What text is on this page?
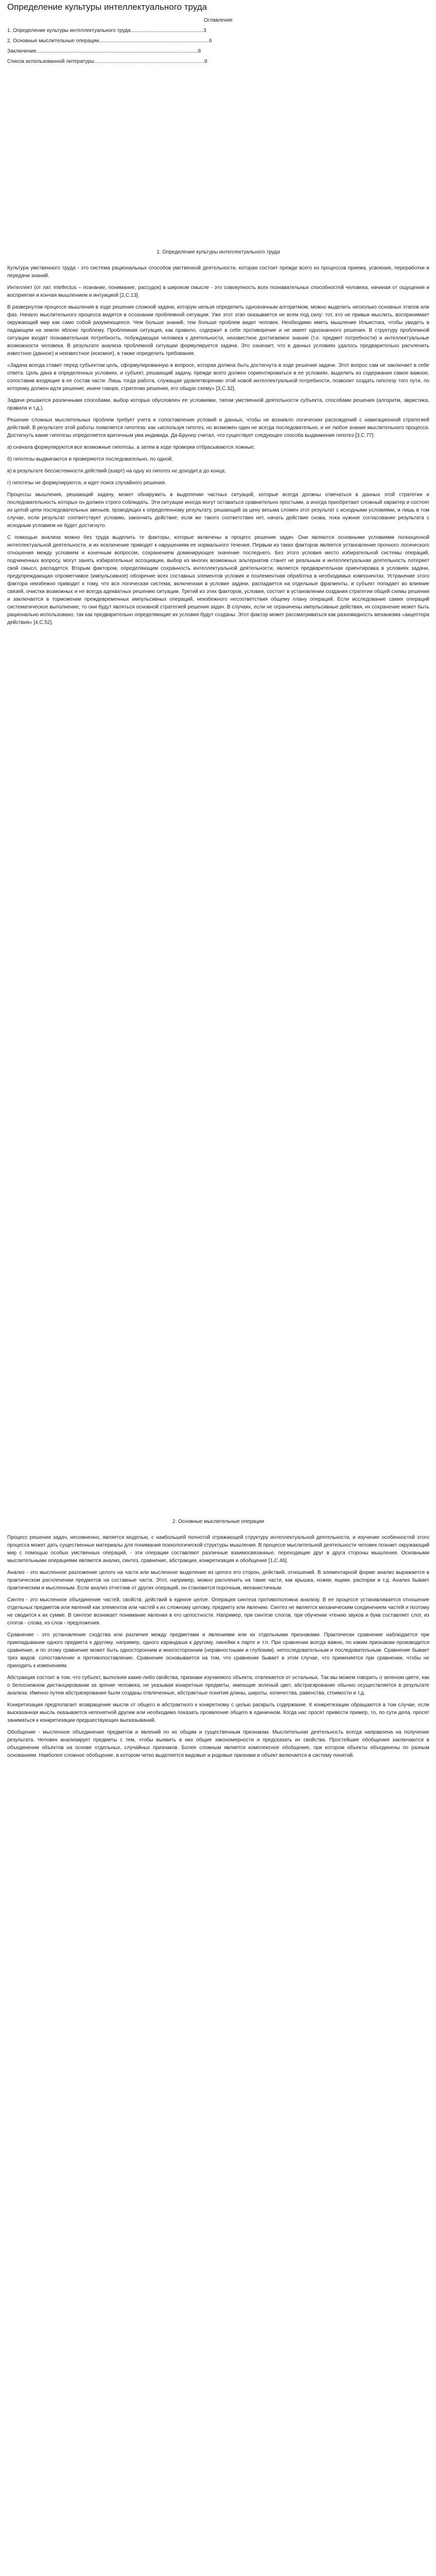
Определение культуры интеллектуального труда
Оглавление
1. Определение культуры интеллектуального труда...................................................3
2. Основные мыслительные операции.............................................................................6
Заключение.................................................................................................................8
Список использованной литературы.............................................................................9
1. Определение культуры интеллектуального труда

Культура умственного труда - это система рациональных способов умственной деятельности, которая состоит прежде всего из процессов приема, усвоения, переработки и передачи знаний.

Интеллект (от лат. intellectus – познание, понимание, рассудок) в широком смысле - это совокупность всех познавательных способностей человека, начиная от ощущения и восприятия и кончая мышлением и интуицией [2,С.13].

В развернутом процессе мышления в ходе решения сложной задачи, которую нельзя определить однозначным алгоритмом, можно выделить несколько основных этапов или фаз. Начало мыслительного процесса видится в осознании проблемной ситуации. Уже этот этап оказывается не всем под силу: тот, кто не привык мыслить, воспринимает окружающий мир как само собой разумеющееся. Чем больше знаний, тем больше проблем видит человек. Необходимо иметь мышление Ильистока, чтобы увидеть в падающем на землю яблоке проблему. Проблемная ситуация, как правило, содержит в себе противоречие и не имеет однозначного решения. В структуру проблемной ситуации входят познавательная потребность, побуждающая человека к деятельности, неизвестное достигаемое знание (т.е. предмет потребности) и интеллектуальные возможности человека. В результате анализа проблемной ситуации формулируется задача. Это означает, что в данных условиях удалось предварительно расчленить известное (данное) и неизвестное (искомое), а также определить требования.

«Задача всегда ставит перед субъектом цель, сформулированную в вопросе, которая должна быть достигнута в ходе решения задачи. Этот вопрос сам не заключает в себе ответа. Цель дана в определенных условиях, и субъект, решающий задачу, прежде всего должен сориентироваться в ее условиях, выделить из содержания самое важное, сопоставив входящие в ее состав части. Лишь тогда работа, служащая удовлетворению этой новой интеллектуальной потребности, позволит создать гипотезу того пути, по которому должен идти решение, иначе говоря, стратегию решения, его общую схему» [3,С.32].

Задачи решаются различными способами, выбор которых обусловлен ее условиями, типом умственной деятельности субъекта, способами решения (алгоритм, эвристика, правила и т.д.).

Решение сложных мыслительных проблем требует учета и сопоставления условий и данных, чтобы не возникло логических расхождений с навигационной стратегией действий. В результате этой работы появляется гипотеза: как «используя гипотез, но возможен один не всегда последовательно, и не любое знание мыслительного процесса. Достигнуть какие гипотезы определяется критичным ума индивида. Да-Брунер считал, что существует следующее способа выдвижения гипотез [3,С.77]:

а) сначала формулируются все возможные гипотезы, а затем в ходе проверки отбрасываются ложные;

б) гипотезы выдвигаются и проверяются последовательно, по одной;

в) в результате бессистемности действий (азарт) на одну из гипотез не доходит,а до конца;

г) гипотезы не формулируются, и идет поиск случайного решения.

Процессы мышления, решающий задачу, может обнаружить в выделении частных ситуаций, которые всегда должны отвечаться в данных этой стратегии и последовательность которых он должен строго соблюдать. Эти ситуации иногда могут оставаться сравнительно простыми, а иногда приобретают сложный характер и состоят из целой цепи последовательных звеньев, проводящих к определенному результату, решающий за цену весьма сложен этот результат с исходными условиями, и лишь в том случае, если результат соответствует условию, закончить действие; если же такого соответствия нет, начать действие снова, пока нужное согласование результата с исходным условием не будет достигнуто.

С помощью анализа можно без труда выделить те факторы, которые включены в процесс решения задач. Они являются основными условиями полноценной интеллектуальной деятельности, и их исключение приводит к нарушениям ее нормального течения. Первым из таких факторов является установление прочного логического отношения между условием и конечным вопросом, сохранением доминирующее значение последнего. Без этого условия место избирательной системы операций, подчиненных вопросу, могут занять избирательные ассоциации, выбор из многих возможных альтернатив станет не реальным и интеллектуальная деятельность потеряет свой смысл, распадется. Вторым фактором, определяющим сохранность интеллектуальной деятельности, является предварительная ориентировка в условиях задачи, предупреждающая опрометчивое (импульсивное) обозрение всех составных элементов условия и поэлементная обработка в необходимых компонентах. Устранение этого фактора неизбежно приводит к тому, что вся логическая система, включенная в условие задачи, распадается на отдельные фрагменты, и субъект попадает во влияние связей, очистки возможных и не всегда адекватных решению ситуации. Третий из этих факторов, условия, состоит в установлении создания стратегии общей схемы решения и заключается в торможении преждевременных импульсивных операций, неизбежного несоответствия общему плану операций. Если исследование самих операций систематическое выполнение, то они будут являться основной стратегией решения задач. В случаях, если не ограничены импульсивные действия, их сохранение может быть рационально использовано, так как предварительно определяющие их условия будут созданы. Этот фактор может рассматриваться как разновидность механизма «акцептора действия» [4,С.52].

2. Основные мыслительные операции

Процесс решения задач, несомненно, является моделью, с наибольшей полнотой отражающей структуру интеллектуальной деятельности, и изучение особенностей этого процесса может дать существенные материалы для понимания психологической структуры мышления. В процессе мыслительной деятельности человек познает окружающий мир с помощью особых умственных операций, - эти операции составляют различные взаимосвязанные, переходящие друг в друга стороны мышления. Основными мыслительными операциями являются анализ, синтез, сравнение, абстракция, конкретизация и обобщение [1,С.46].

Анализ - это мысленное разложение целого на части или мысленное выделение из целого его сторон, действий, отношений. В элементарной форме анализ выражается в практическом расчленении предметов на составные части. Этот, например, можно расчленить на такие части, как крышка, ножки, ящики, распорки и т.д. Анализ бывает практическим и мысленным. Если анализ отчетлив от других операций, он становится порочным, механистичным.

Синтез - это мысленное объединение частей, свойств, действий в единое целое. Операция синтеза противоположна анализу. В ее процессе устанавливается отношение отдельных предметов или явлений как элементов или частей к их сложному целому, предмету или явлению. Синтез не является механическим соединением частей и поэтому не сводится к их сумме. В синтезе возникает понимание явления в его целостности. Например, при синтезе слогов, при обучении чтению звуков и букв составляет слог, из слогов - слова, из слов - предложения.

Сравнение - это установление сходства или различия между предметами и явлениями или их отдельными признаками. Практически сравнение наблюдается при прикладывании одного предмета к другому, например, одного карандаша к другому, линейки к парте и т.п. При сравнении всегда важно, по каким признакам производится сравнение, и по этому сравнение может быть односторонним и многосторонним (неравностными и глубоким), непоследовательным и последовательным. Сравнение бывает трех видов: сопоставление и противопоставление. Сравнение основывается на том, что сравнение бывает в этом случае, что применяется при сравнении, чтобы не приходить к изменениям.

Абстракция состоит в том, что субъект, выполняя какие-либо свойства, признаки изучаемого объекта, отвлекается от остальных. Так мы можем говорить о зеленом цвете, как о белоснежном дистанцировании за зрение человека, не указывая конкретные предметы, имеющие зеленый цвет, абстрагирование обычно осуществляется в результате анализа. Именно путем абстрагирования были созданы отвлеченные, абстрактные понятия длины, широты, количества, равенства, стоимости и т.д.

Конкретизация предполагает возвращение мысли от общего и абстрактного к конкретному с целью раскрыть содержание. К конкретизации обращаются в том случае, если высказанная мысль оказывается непонятной другим или необходимо показать проявление общего в единичном. Когда нас просят привести пример, то, по сути дела, просят заниматься к конкретизации предшествующих высказываний.

Обобщение - мысленное объединение предметов и явлений по их общим и существенным признакам. Мыслительная деятельность всегда направлена на получение результата. Человек анализирует предметы с тем, чтобы выявить в них общие закономерности и предсказать их свойства. Простейшие обобщения заключаются в объединении объектов на основе отдельных, случайных признаков. Более сложным является комплексное обобщение, при котором объекты объединены по разным основаниям. Наиболее сложное обобщение, в котором четко выделяется видовые и родовые признаки и объект включается в систему понятий.
